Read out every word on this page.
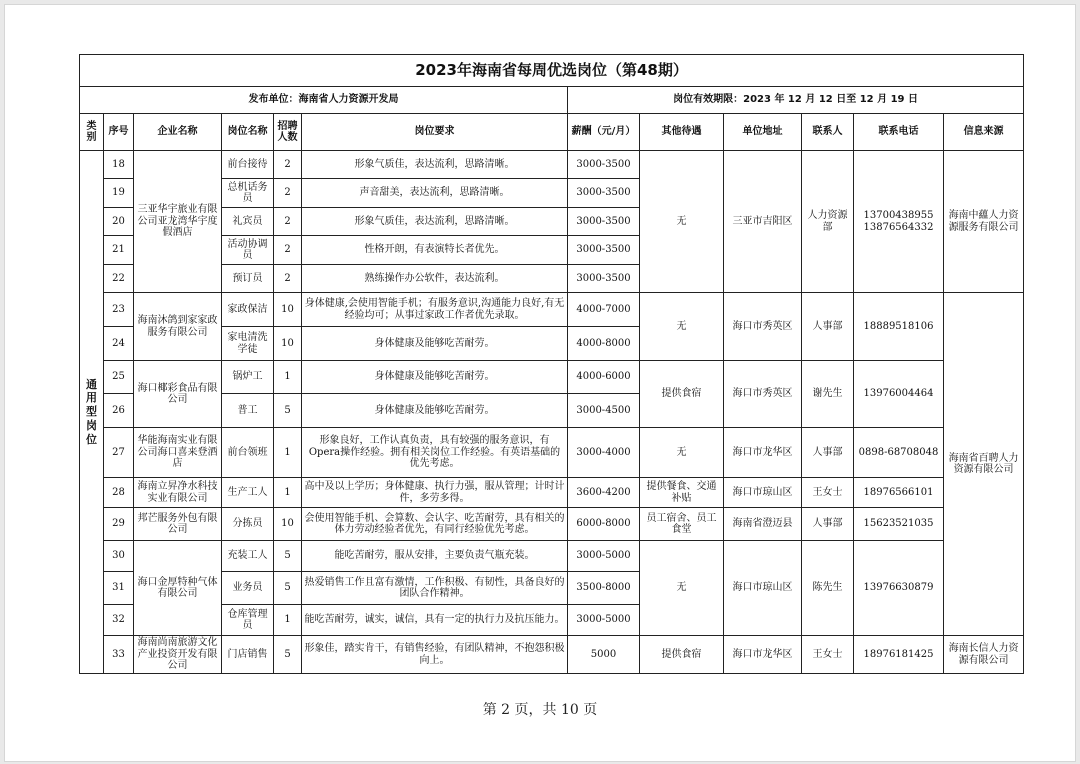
2023年海南省每周优选岗位（第48期）											
发布单位：海南省人力资源开发局						岗位有效期限：2023 年 12 月 12 日至 12 月 19 日					
类别	序号	企业名称	岗位名称	招聘人数	岗位要求	薪酬（元/月）	其他待遇	单位地址	联系人	联系电话	信息来源
通用型岗位	18	三亚华宇旅业有限公司亚龙湾华宇度假酒店	前台接待	2	形象气质佳，表达流利，思路清晰。	3000-3500	无	三亚市吉阳区	人力资源部	13700438955 13876564332	海南中蘊人力资源服务有限公司
	19		总机话务员	2	声音甜美，表达流利，思路清晰。	3000-3500					
	20		礼宾员	2	形象气质佳，表达流利，思路清晰。	3000-3500					
	21		活动协调员	2	性格开朗，有表演特长者优先。	3000-3500					
	22		预订员	2	熟练操作办公软件，表达流利。	3000-3500					
	23	海南沐鸽到家家政服务有限公司	家政保洁	10	身体健康,会使用智能手机；有服务意识,沟通能力良好,有无经验均可；从事过家政工作者优先录取。	4000-7000	无	海口市秀英区	人事部	18889518106	海南省百聘人力资源有限公司
	24		家电清洗学徒	10	身体健康及能够吃苦耐劳。	4000-8000					
	25	海口椰彩食品有限公司	锅炉工	1	身体健康及能够吃苦耐劳。	4000-6000	提供食宿	海口市秀英区	谢先生	13976004464	
	26		普工	5	身体健康及能够吃苦耐劳。	3000-4500					
	27	华能海南实业有限公司海口喜来登酒店	前台领班	1	形象良好，工作认真负责，具有较强的服务意识，有Opera操作经验。拥有相关岗位工作经验。有英语基础的优先考虑。	3000-4000	无	海口市龙华区	人事部	0898-68708048	
	28	海南立昇净水科技实业有限公司	生产工人	1	高中及以上学历；身体健康、执行力强，服从管理；计时计件，多劳多得。	3600-4200	提供餐食、交通补贴	海口市琼山区	王女士	18976566101	
	29	邦芒服务外包有限公司	分拣员	10	会使用智能手机、会算数、会认字、吃苦耐劳，具有相关的体力劳动经验者优先，有同行经验优先考虑。	6000-8000	员工宿舍、员工食堂	海南省澄迈县	人事部	15623521035	
	30	海口金厚特种气体有限公司	充装工人	5	能吃苦耐劳，服从安排，主要负责气瓶充装。	3000-5000	无	海口市琼山区	陈先生	13976630879	
	31		业务员	5	热爱销售工作且富有激情，工作积极、有韧性，具备良好的团队合作精神。	3500-8000					
	32		仓库管理员	1	能吃苦耐劳，诚实，诚信，具有一定的执行力及抗压能力。	3000-5000					
	33	海南尚南旅游文化产业投资开发有限公司	门店销售	5	形象佳，踏实肯干，有销售经验，有团队精神，不抱怨积极向上。	5000	提供食宿	海口市龙华区	王女士	18976181425	海南长信人力资源有限公司
第 2 页，共 10 页
